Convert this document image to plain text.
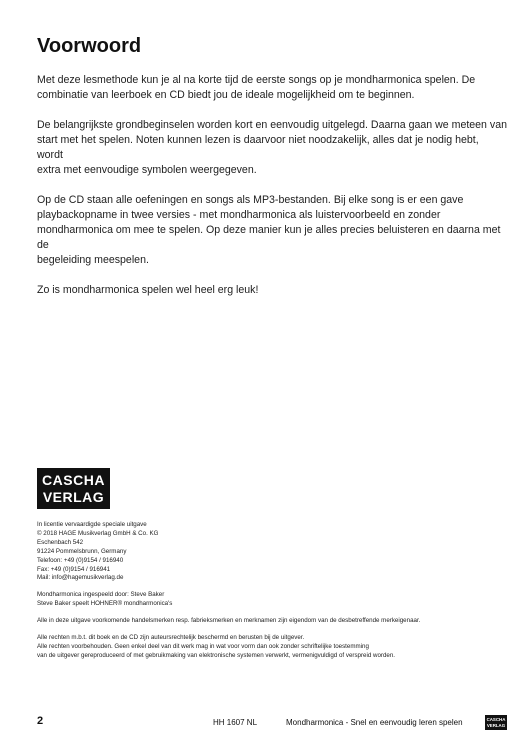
Voorwoord

Met deze lesmethode kun je al na korte tijd de eerste songs op je mondharmonica spelen. De
combinatie van leerboek en CD biedt jou de ideale mogelijkheid om te beginnen.

De belangrijkste grondbeginselen worden kort en eenvoudig uitgelegd. Daarna gaan we meteen van
start met het spelen. Noten kunnen lezen is daarvoor niet noodzakelijk, alles dat je nodig hebt, wordt
extra met eenvoudige symbolen weergegeven.

Op de CD staan alle oefeningen en songs als MP3-bestanden. Bij elke song is er een gave
playbackopname in twee versies - met mondharmonica als luistervoorbeeld en zonder
mondharmonica om mee te spelen. Op deze manier kun je alles precies beluisteren en daarna met de
begeleiding meespelen.

Zo is mondharmonica spelen wel heel erg leuk!

CASCHA
VERLAG
In licentie vervaardigde speciale uitgave
© 2018 HAGE Musikverlag GmbH & Co. KG
Eschenbach 542
91224 Pommelsbrunn, Germany
Telefoon: +49 (0)9154 / 916940
Fax: +49 (0)9154 / 916941
Mail: info@hagemusikverlag.de
Mondharmonica ingespeeld door: Steve Baker
Steve Baker speelt HOHNER® mondharmonica's
Alle in deze uitgave voorkomende handelsmerken resp. fabrieksmerken en merknamen zijn eigendom van de desbetreffende merkeigenaar.
Alle rechten m.b.t. dit boek en de CD zijn auteursrechtelijk beschermd en berusten bij de uitgever.
Alle rechten voorbehouden. Geen enkel deel van dit werk mag in wat voor vorm dan ook zonder schriftelijke toestemming
van de uitgever gereproduceerd of met gebruikmaking van elektronische systemen verwerkt, vermenigvuldigd of verspreid worden.
2	HH 1607 NL	Mondharmonica - Snel en eenvoudig leren spelen	CASCHA
VERLAG
